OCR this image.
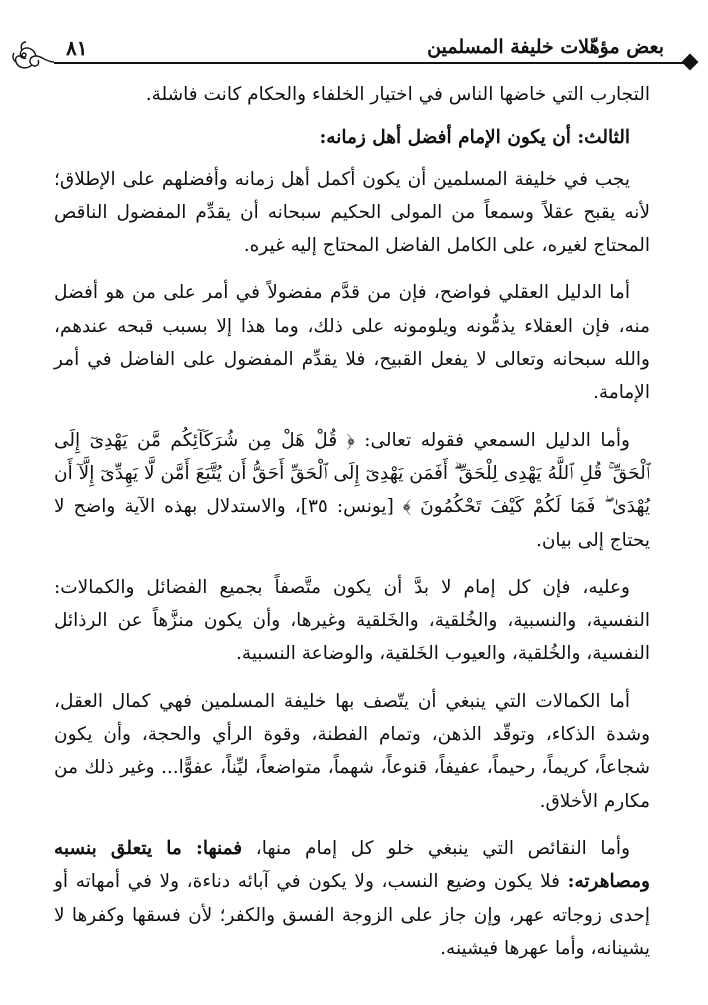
بعض مؤهّلات خليفة المسلمين
٨١

التجارب التي خاضها الناس في اختيار الخلفاء والحكام كانت فاشلة.

الثالث: أن يكون الإمام أفضل أهل زمانه:

يجب في خليفة المسلمين أن يكون أكمل أهل زمانه وأفضلهم على الإطلاق؛ لأنه يقبح عقلاً وسمعاً من المولى الحكيم سبحانه أن يقدِّم المفضول الناقص المحتاج لغيره، على الكامل الفاضل المحتاج إليه غيره.

أما الدليل العقلي فواضح، فإن من قدَّم مفضولاً في أمر على من هو أفضل منه، فإن العقلاء يذمُّونه ويلومونه على ذلك، وما هذا إلا بسبب قبحه عندهم، والله سبحانه وتعالى لا يفعل القبيح، فلا يقدِّم المفضول على الفاضل في أمر الإمامة.

وأما الدليل السمعي فقوله تعالى: ﴿ قُلْ هَلْ مِن شُرَكَآئِكُم مَّن يَهْدِىٓ إِلَى ٱلْحَقِّ ۚ قُلِ ٱللَّهُ يَهْدِى لِلْحَقِّ ۗ أَفَمَن يَهْدِىٓ إِلَى ٱلْحَقِّ أَحَقُّ أَن يُتَّبَعَ أَمَّن لَّا يَهِدِّىٓ إِلَّآ أَن يُهْدَىٰ ۖ فَمَا لَكُمْ كَيْفَ تَحْكُمُونَ ﴾ [يونس: ٣٥]، والاستدلال بهذه الآية واضح لا يحتاج إلى بيان.

وعليه، فإن كل إمام لا بدَّ أن يكون متَّصفاً بجميع الفضائل والكمالات: النفسية، والنسبية، والخُلقية، والخَلقية وغيرها، وأن يكون منزَّهاً عن الرذائل النفسية، والخُلقية، والعيوب الخَلقية، والوضاعة النسبية.

أما الكمالات التي ينبغي أن يتّصف بها خليفة المسلمين فهي كمال العقل، وشدة الذكاء، وتوقّد الذهن، وتمام الفطنة، وقوة الرأي والحجة، وأن يكون شجاعاً، كريماً، رحيماً، عفيفاً، قنوعاً، شهماً، متواضعاً، ليِّناً، عفوًّا... وغير ذلك من مكارم الأخلاق.

وأما النقائص التي ينبغي خلو كل إمام منها، فمنها: ما يتعلق بنسبه ومصاهرته: فلا يكون وضيع النسب، ولا يكون في آبائه دناءة، ولا في أمهاته أو إحدى زوجاته عهر، وإن جاز على الزوجة الفسق والكفر؛ لأن فسقها وكفرها لا يشينانه، وأما عهرها فيشينه.
